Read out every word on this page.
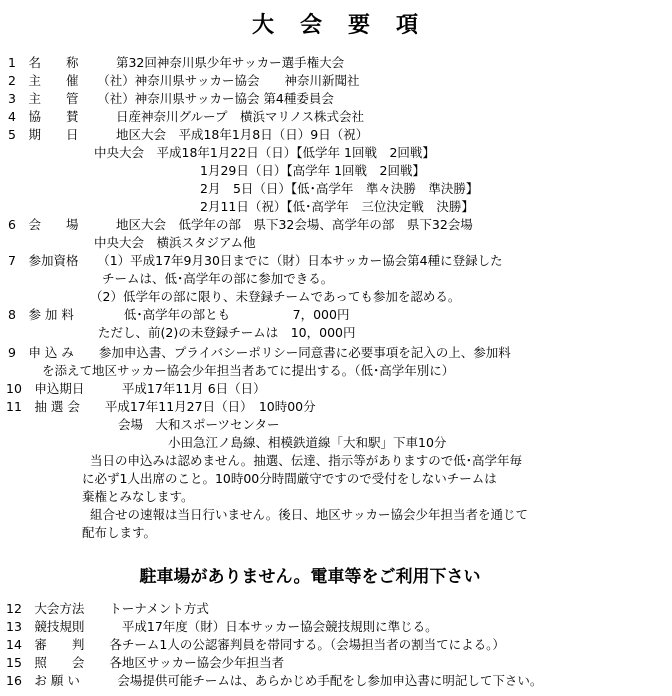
大　会　要　項
1　名　　称　　　第32回神奈川県少年サッカー選手権大会
2　主　　催　　（社）神奈川県サッカー協会　　神奈川新聞社
3　主　　管　　（社）神奈川県サッカー協会 第4種委員会
4　協　　賛　　　日産神奈川グループ　横浜マリノス株式会社
5　期　　日　　　地区大会　平成18年1月8日（日）9日（祝）
中央大会　平成18年1月22日（日）【低学年 1回戦　2回戦】
1月29日（日）【高学年 1回戦　2回戦】
2月　5日（日）【低･高学年　準々決勝　準決勝】
2月11日（祝）【低･高学年　三位決定戦　決勝】
6　会　　場　　　地区大会　低学年の部　県下32会場、高学年の部　県下32会場
中央大会　横浜スタジアム他
7　参加資格　　（1）平成17年9月30日までに（財）日本サッカー協会第4種に登録した
チームは、低･高学年の部に参加できる。
（2）低学年の部に限り、未登録チームであっても参加を認める。
8　参 加 料　　　　低･高学年の部とも　　　　　7，000円
ただし、前(2)の未登録チームは　10，000円
9　申 込 み　　参加申込書、プライバシーポリシー同意書に必要事項を記入の上、参加料
を添えて地区サッカー協会少年担当者あてに提出する。（低･高学年別に）
10　申込期日　　　平成17年11月 6日（日）
11　抽 選 会　　平成17年11月27日（日）　10時00分
会場　大和スポーツセンター
小田急江ノ島線、相模鉄道線「大和駅」下車10分
当日の申込みは認めません。抽選、伝達、指示等がありますので低･高学年毎
に必ず1人出席のこと。10時00分時間厳守ですので受付をしないチームは
棄権とみなします。
組合せの速報は当日行いません。後日、地区サッカー協会少年担当者を通じて
配布します。
駐車場がありません。電車等をご利用下さい
12　大会方法　　トーナメント方式
13　競技規則　　　平成17年度（財）日本サッカー協会競技規則に準じる。
14　審　　判　　各チーム1人の公認審判員を帯同する。（会場担当者の割当てによる。）
15　照　　会　　各地区サッカー協会少年担当者
16　お 願 い　　　会場提供可能チームは、あらかじめ手配をし参加申込書に明記して下さい。
